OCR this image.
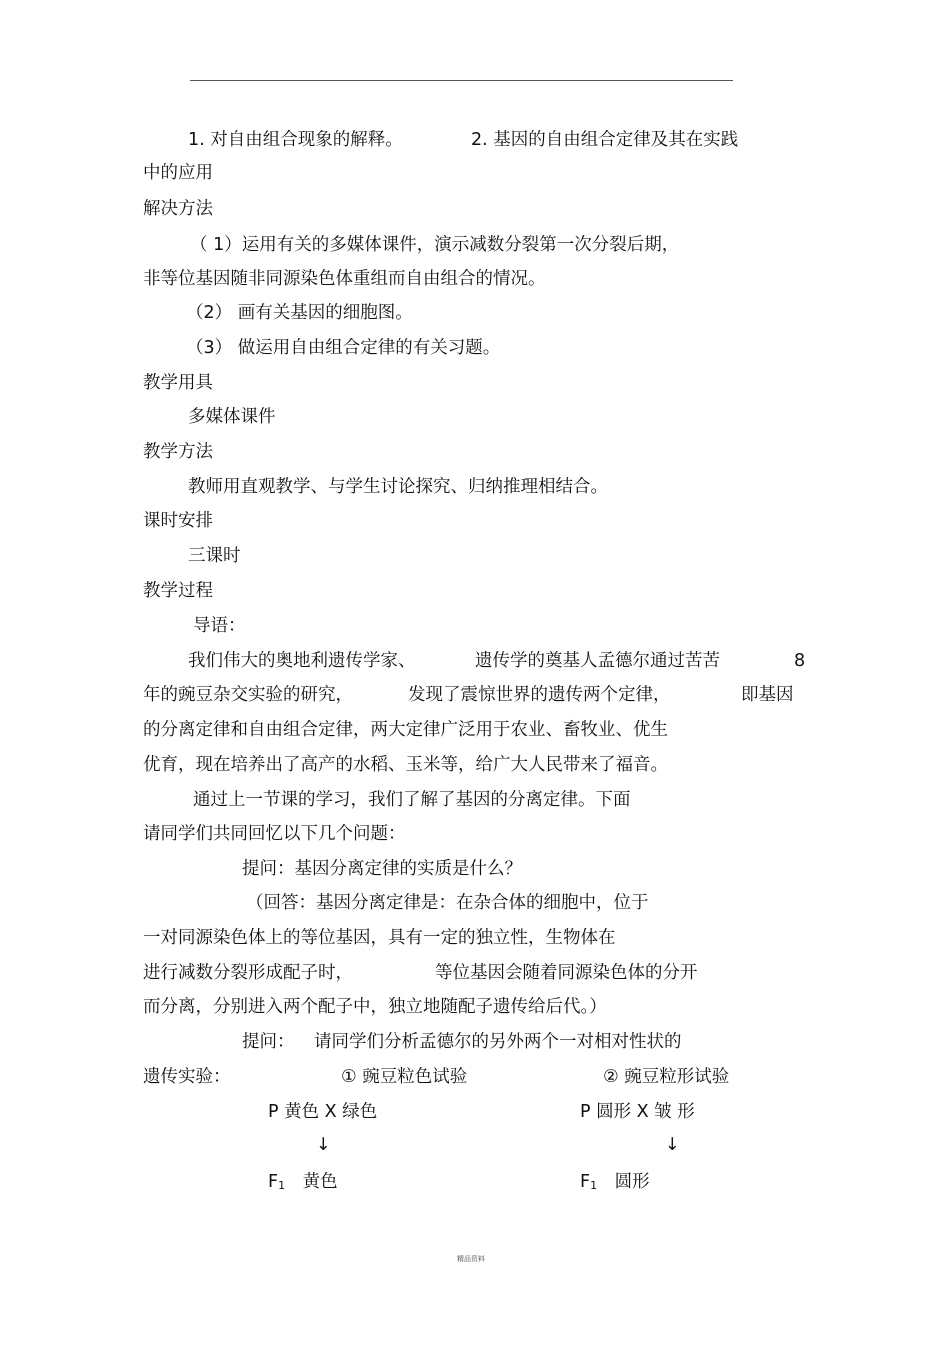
1. 对自由组合现象的解释。	2. 基因的自由组合定律及其在实践
中的应用
解决方法
（ 1）运用有关的多媒体课件，演示减数分裂第一次分裂后期，
非等位基因随非同源染色体重组而自由组合的情况。
（2） 画有关基因的细胞图。
（3） 做运用自由组合定律的有关习题。
教学用具
多媒体课件
教学方法
教师用直观教学、与学生讨论探究、归纳推理相结合。
课时安排
三课时
教学过程
导语：
我们伟大的奥地利遗传学家、	遗传学的奠基人孟德尔通过苦苦	8
年的豌豆杂交实验的研究，	发现了震惊世界的遗传两个定律，	即基因
的分离定律和自由组合定律，两大定律广泛用于农业、畜牧业、优生
优育，现在培养出了高产的水稻、玉米等，给广大人民带来了福音。
通过上一节课的学习，我们了解了基因的分离定律。下面
请同学们共同回忆以下几个问题：
提问：基因分离定律的实质是什么？
（回答：基因分离定律是：在杂合体的细胞中，位于
一对同源染色体上的等位基因，具有一定的独立性，生物体在
进行减数分裂形成配子时，	等位基因会随着同源染色体的分开
而分离，分别进入两个配子中，独立地随配子遗传给后代。）
提问： 请同学们分析孟德尔的另外两个一对相对性状的
遗传实验：	① 豌豆粒色试验	② 豌豆粒形试验
P 黄色 X 绿色
↓
$F_1$ 黄色
P 圆形 X 皱 形
↓
$F_1$ 圆形
精品资料
